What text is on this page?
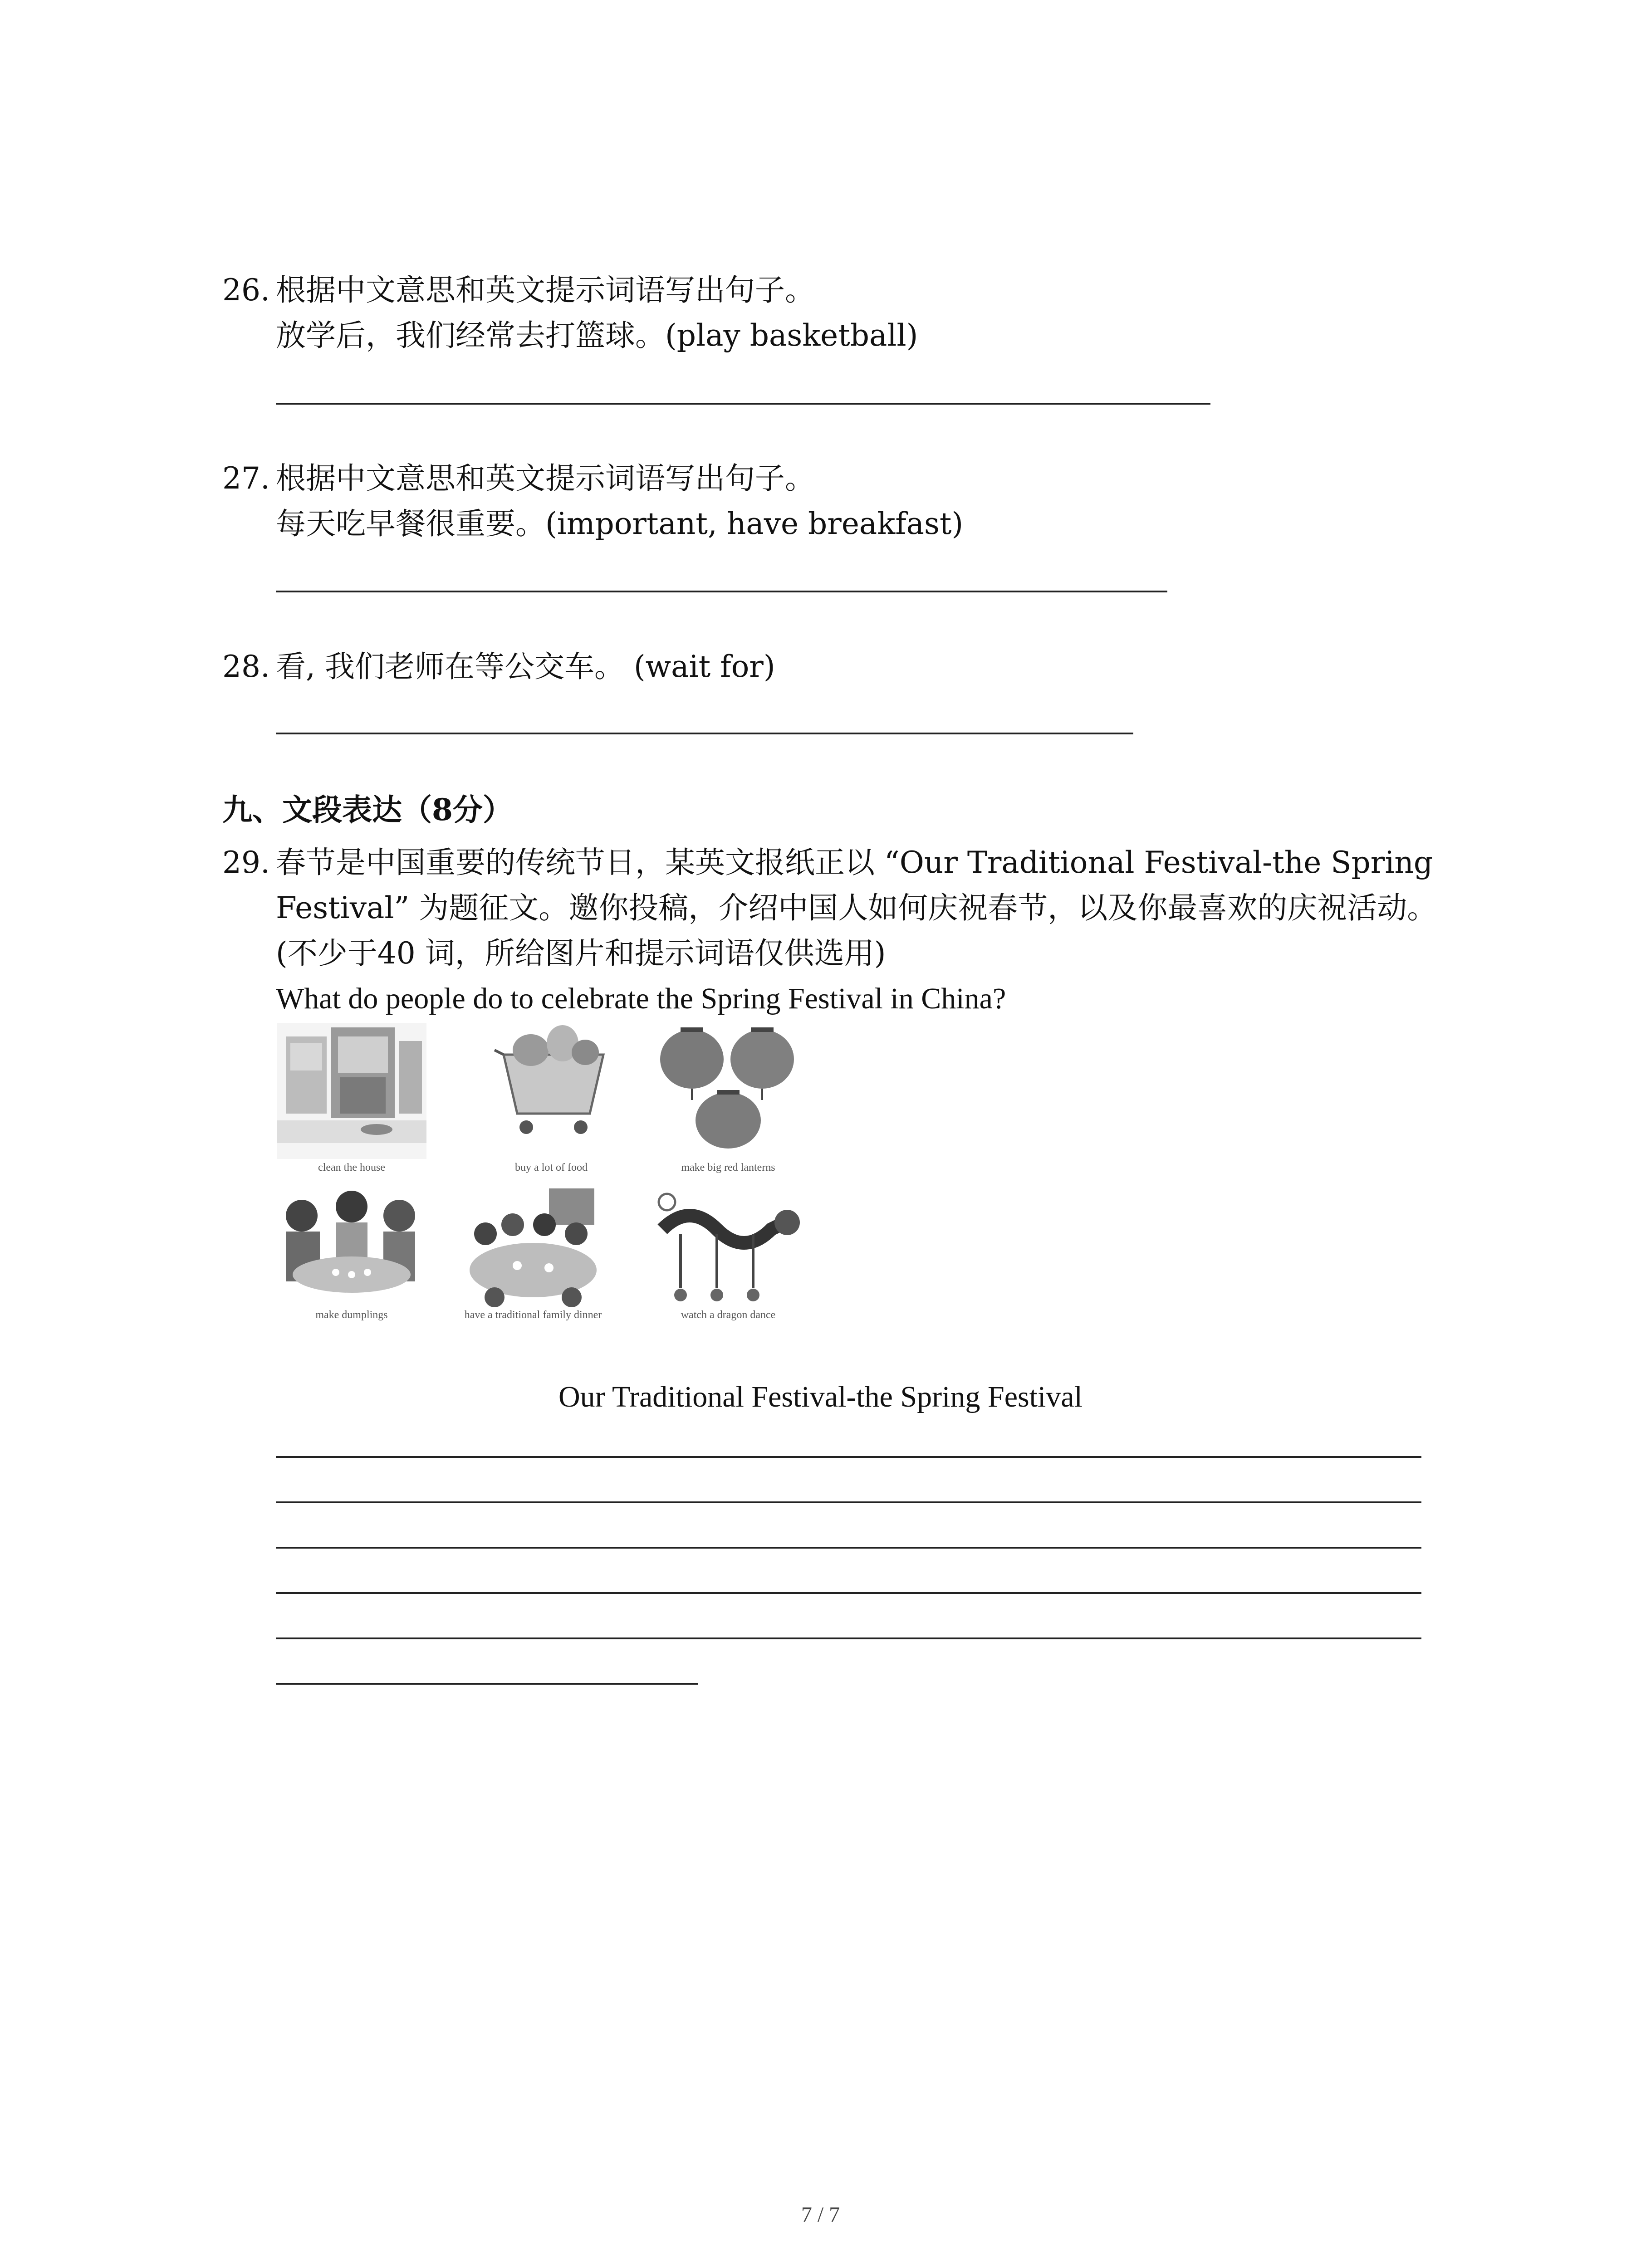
26. 根据中文意思和英文提示词语写出句子。
放学后，我们经常去打篮球。(play basketball)
27. 根据中文意思和英文提示词语写出句子。
每天吃早餐很重要。(important, have breakfast)
28. 看, 我们老师在等公交车。 (wait for)
九、文段表达（8分）
29. 春节是中国重要的传统节日，某英文报纸正以 “Our Traditional Festival-the Spring
Festival” 为题征文。邀你投稿，介绍中国人如何庆祝春节，以及你最喜欢的庆祝活动。
(不少于40 词，所给图片和提示词语仅供选用)
What do people do to celebrate the Spring Festival in China?
clean the house	buy a lot of food	make big red lanterns
make dumplings	have a traditional family dinner	watch a dragon dance
Our Traditional Festival-the Spring Festival
7 / 7
